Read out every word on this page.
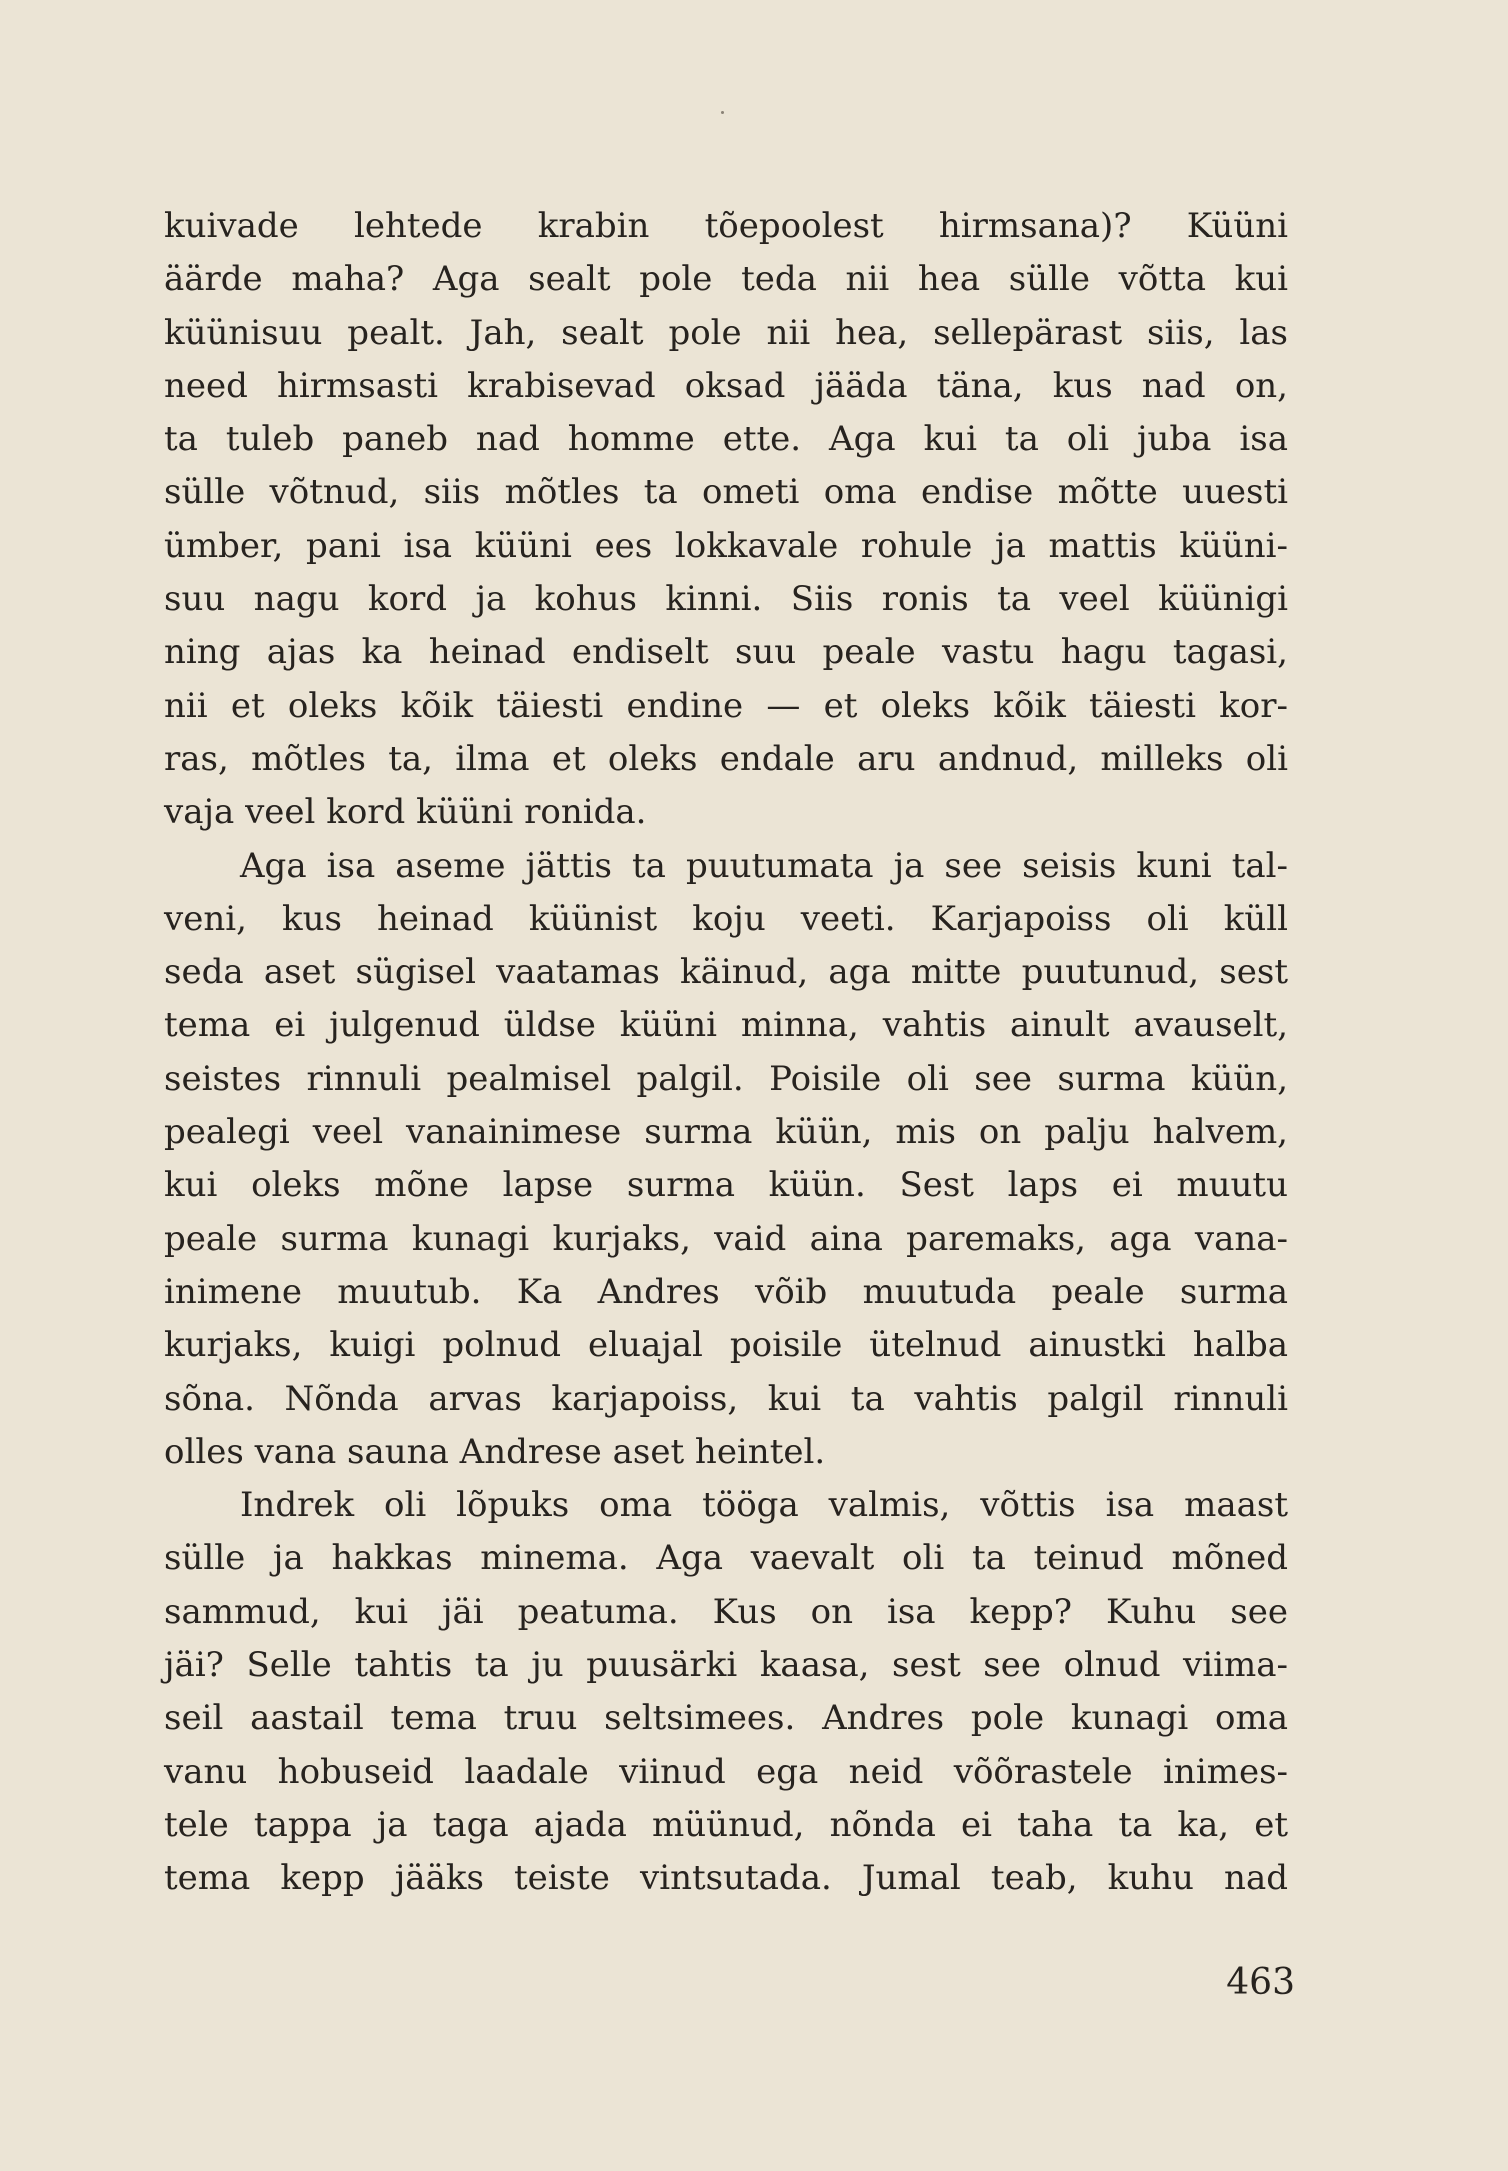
kuivade lehtede krabin tõepoolest hirmsana)? Küüni
äärde maha? Aga sealt pole teda nii hea sülle võtta kui
küünisuu pealt. Jah, sealt pole nii hea, sellepärast siis, las
need hirmsasti krabisevad oksad jääda täna, kus nad on,
ta tuleb paneb nad homme ette. Aga kui ta oli juba isa
sülle võtnud, siis mõtles ta ometi oma endise mõtte uuesti
ümber, pani isa küüni ees lokkavale rohule ja mattis küüni-
suu nagu kord ja kohus kinni. Siis ronis ta veel küünigi
ning ajas ka heinad endiselt suu peale vastu hagu tagasi,
nii et oleks kõik täiesti endine — et oleks kõik täiesti kor-
ras, mõtles ta, ilma et oleks endale aru andnud, milleks oli
vaja veel kord küüni ronida.
Aga isa aseme jättis ta puutumata ja see seisis kuni tal-
veni, kus heinad küünist koju veeti. Karjapoiss oli küll
seda aset sügisel vaatamas käinud, aga mitte puutunud, sest
tema ei julgenud üldse küüni minna, vahtis ainult avauselt,
seistes rinnuli pealmisel palgil. Poisile oli see surma küün,
pealegi veel vanainimese surma küün, mis on palju halvem,
kui oleks mõne lapse surma küün. Sest laps ei muutu
peale surma kunagi kurjaks, vaid aina paremaks, aga vana-
inimene muutub. Ka Andres võib muutuda peale surma
kurjaks, kuigi polnud eluajal poisile ütelnud ainustki halba
sõna. Nõnda arvas karjapoiss, kui ta vahtis palgil rinnuli
olles vana sauna Andrese aset heintel.
Indrek oli lõpuks oma tööga valmis, võttis isa maast
sülle ja hakkas minema. Aga vaevalt oli ta teinud mõned
sammud, kui jäi peatuma. Kus on isa kepp? Kuhu see
jäi? Selle tahtis ta ju puusärki kaasa, sest see olnud viima-
seil aastail tema truu seltsimees. Andres pole kunagi oma
vanu hobuseid laadale viinud ega neid võõrastele inimes-
tele tappa ja taga ajada müünud, nõnda ei taha ta ka, et
tema kepp jääks teiste vintsutada. Jumal teab, kuhu nad
463
